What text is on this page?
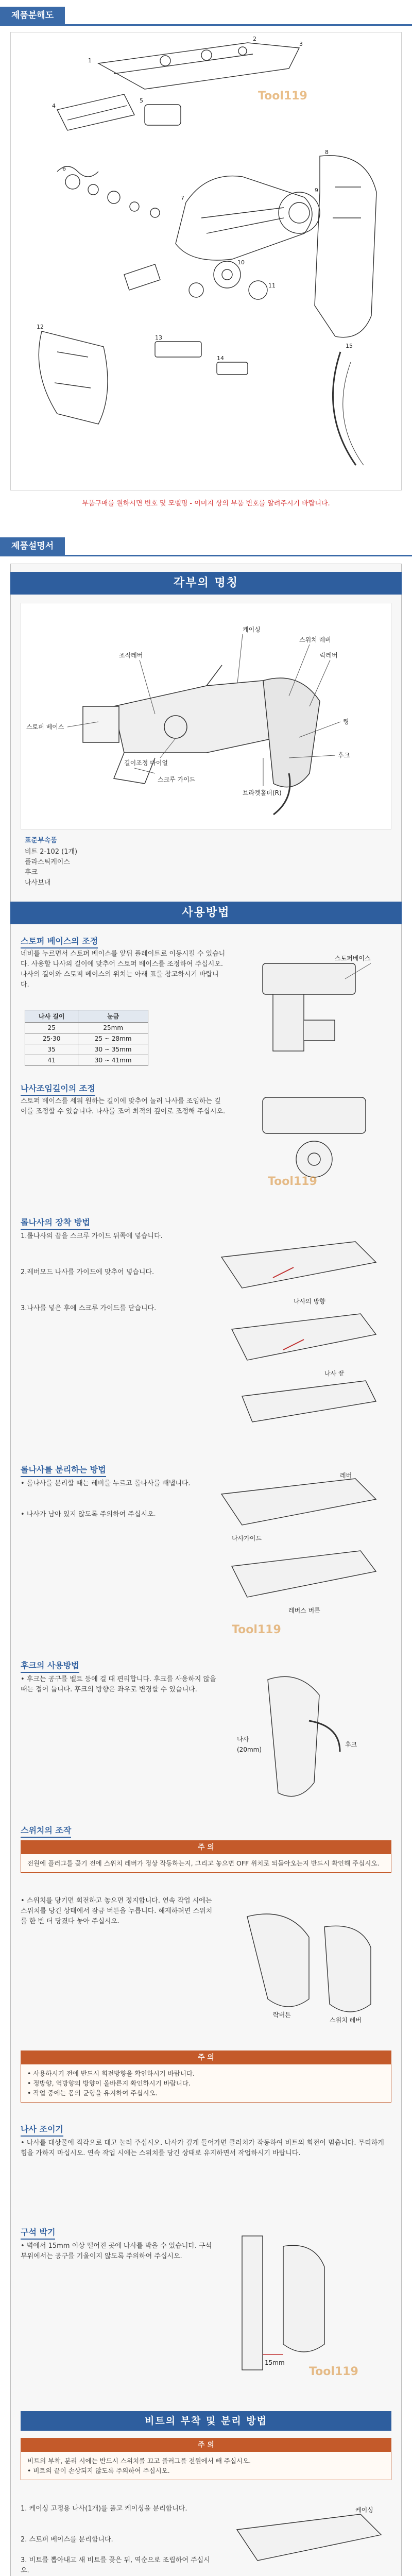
제품분해도
1
2
3
4
5
6
7
8
9
10
11
12
13
14
15
Tool119
부품구매를 원하시면 번호 및 모델명 - 이미지 상의 부품 번호를 알려주시기 바랍니다.
제품설명서
각부의 명칭
케이싱
스위치 레버
락레버
조작레버
스토퍼 베이스
링
길이조정 다이얼
후크
스크루 가이드
브라켓홀더(R)
표준부속품
비트 2-102 (1개)
플라스틱케이스
후크
나사보내
사용방법
스토퍼 베이스의 조정
네비를 누르면서 스토퍼 베이스를 앞뒤 플레이트로 이동시킬 수 있습니다. 사용할 나사의 길이에 맞추어 스토퍼 베이스를 조정하여 주십시오. 나사의 길이와 스토퍼 베이스의 위치는 아래 표를 참고하시기 바랍니다.
나사 길이	눈금
25	25mm
25·30	25 ~ 28mm
35	30 ~ 35mm
41	30 ~ 41mm
스토퍼베이스
나사조임깊이의 조정
스토퍼 베이스를 세워 원하는 길이에 맞추어 눌러 나사를 조임하는 깊이를 조정할 수 있습니다. 나사를 조여 최적의 깊이로 조정해 주십시오.
Tool119
롤나사의 장착 방법
1.롤나사의 끝을 스크루 가이드 뒤쪽에 넣습니다.
2.레버모드 나사를 가이드에 맞추어 넣습니다.
3.나사를 넣은 후에 스크루 가이드를 닫습니다.
나사의 방향
나사 끝
롤나사를 분리하는 방법
• 롤나사를 분리할 때는 레버를 누르고 롤나사를 빼냅니다.
• 나사가 남아 있지 않도록 주의하여 주십시오.
레버
나사가이드
레버스 버튼
Tool119
후크의 사용방법
• 후크는 공구를 벨트 등에 걸 때 편리합니다. 후크를 사용하지 않을 때는 접어 둡니다. 후크의 방향은 좌우로 변경할 수 있습니다.
후크
나사
(20mm)
스위치의 조작
주 의
전원에 플러그를 꽂기 전에 스위치 레버가 정상 작동하는지, 그리고 놓으면 OFF 위치로 되돌아오는지 반드시 확인해 주십시오.
• 스위치를 당기면 회전하고 놓으면 정지합니다. 연속 작업 시에는 스위치를 당긴 상태에서 잠금 버튼을 누릅니다. 해제하려면 스위치를 한 번 더 당겼다 놓아 주십시오.
락버튼
스위치 레버
주 의
• 사용하시기 전에 반드시 회전방향을 확인하시기 바랍니다.
• 정방향, 역방향의 방향이 올바른지 확인하시기 바랍니다.
• 작업 중에는 몸의 균형을 유지하여 주십시오.
나사 조이기
• 나사를 대상물에 직각으로 대고 눌러 주십시오. 나사가 깊게 들어가면 클러치가 작동하여 비트의 회전이 멈춥니다. 무리하게 힘을 가하지 마십시오. 연속 작업 시에는 스위치를 당긴 상태로 유지하면서 작업하시기 바랍니다.
구석 박기
• 벽에서 15mm 이상 떨어진 곳에 나사를 박을 수 있습니다. 구석 부위에서는 공구를 기울이지 않도록 주의하여 주십시오.
15mm
Tool119
비트의 부착 및 분리 방법
주 의
비트의 부착, 분리 시에는 반드시 스위치를 끄고 플러그를 전원에서 빼 주십시오.
• 비트의 끝이 손상되지 않도록 주의하여 주십시오.
1. 케이싱 고정용 나사(1개)를 풀고 케이싱을 분리합니다.
2. 스토퍼 베이스를 분리합니다.
3. 비트를 뽑아내고 새 비트를 꽂은 뒤, 역순으로 조립하여 주십시오.
케이싱
